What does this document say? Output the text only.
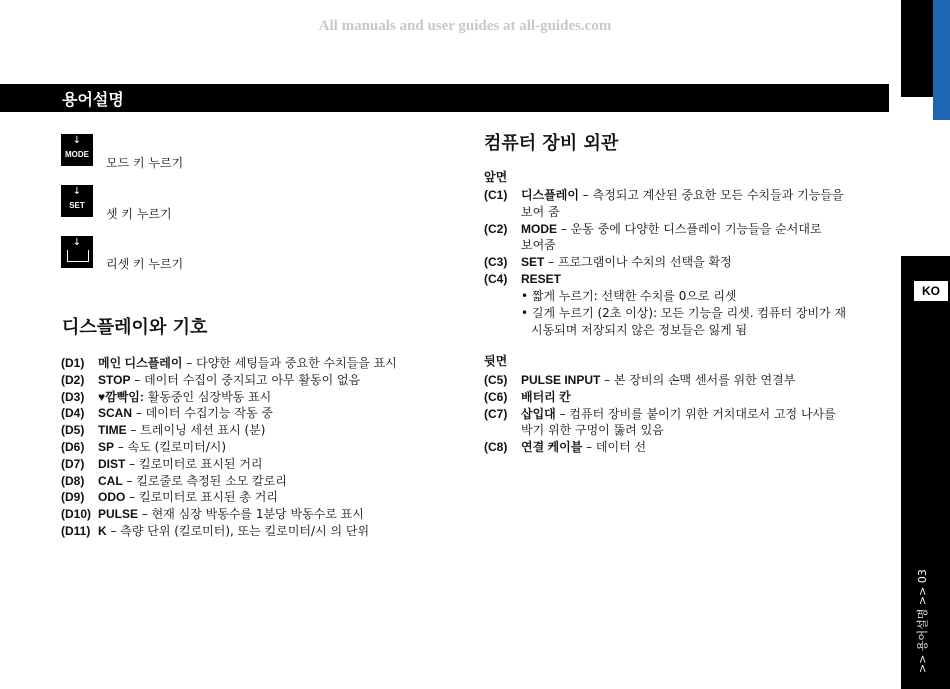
All manuals and user guides at all-guides.com
용어설명
KO
>> 용어설명 >> 03
↓
MODE
모드 키 누르기
↓
SET
셋 키 누르기
↓
리셋 키 누르기
디스플레이와 기호
(D1)	메인 디스플레이 – 다양한 세팅들과 중요한 수치들을 표시
(D2)	STOP – 데이터 수집이 중지되고 아무 활동이 없음
(D3)	♥깜빡임: 활동중인 심장박동 표시
(D4)	SCAN – 데이터 수집기능 작동 중
(D5)	TIME – 트레이닝 세션 표시 (분)
(D6)	SP – 속도 (킬로미터/시)
(D7)	DIST – 킬로미터로 표시된 거리
(D8)	CAL – 킬로줄로 측정된 소모 칼로리
(D9)	ODO – 킬로미터로 표시된 총 거리
(D10) PULSE – 현재 심장 박동수를 1분당 박동수로 표시
(D11) K – 측량 단위 (킬로미터), 또는 킬로미터/시 의 단위
컴퓨터 장비 외관
앞면
(C1)	디스플레이 – 측정되고 계산된 중요한 모든 수치들과 기능들을
보여 줌
(C2)	MODE – 운동 중에 다양한 디스플레이 기능들을 순서대로
보여줌
(C3)	SET – 프로그램이나 수치의 선택을 확정
(C4)	RESET
• 짧게 누르기: 선택한 수치를 0으로 리셋
• 길게 누르기 (2초 이상): 모든 기능을 리셋. 컴퓨터 장비가 재
시동되며 저장되지 않은 정보들은 잃게 됨
뒷면
(C5)	PULSE INPUT – 본 장비의 손맥 센서를 위한 연결부
(C6)	배터리 칸
(C7)	삽입대 – 컴퓨터 장비를 붙이기 위한 거치대로서 고정 나사를
박기 위한 구멍이 뚫려 있음
(C8)	연결 케이블 – 데이터 선
